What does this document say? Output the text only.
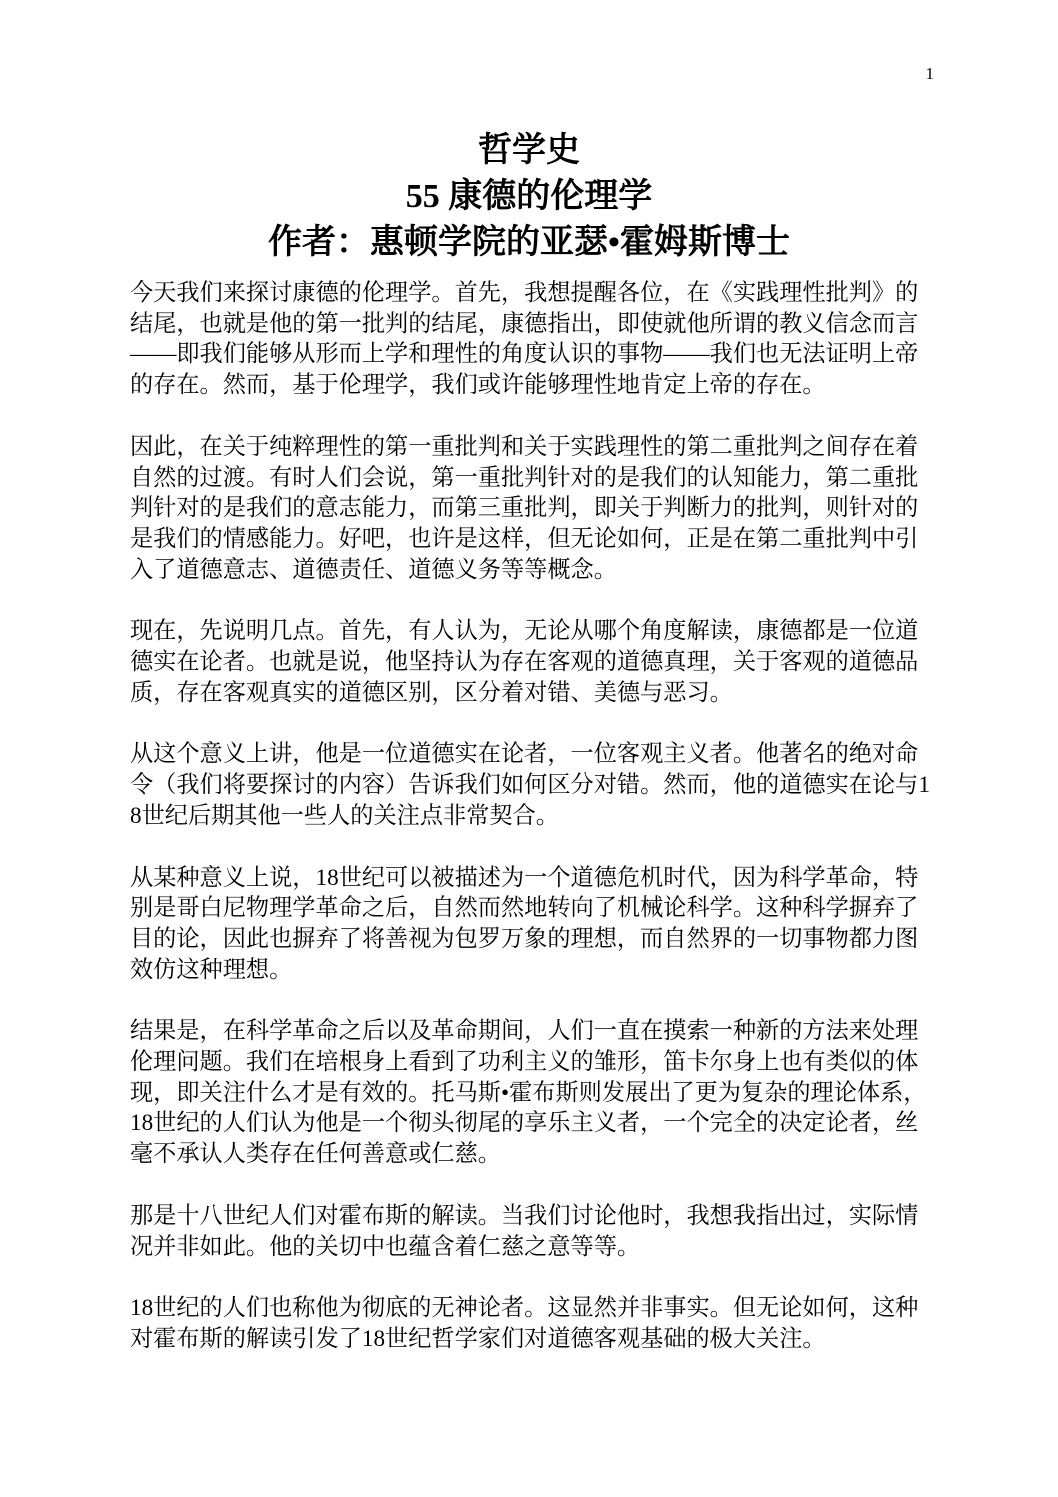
1
哲学史
55 康德的伦理学
作者：惠顿学院的亚瑟•霍姆斯博士

今天我们来探讨康德的伦理学。首先，我想提醒各位，在《实践理性批判》的结尾，也就是他的第一批判的结尾，康德指出，即使就他所谓的教义信念而言——即我们能够从形而上学和理性的角度认识的事物——我们也无法证明上帝的存在。然而，基于伦理学，我们或许能够理性地肯定上帝的存在。

因此，在关于纯粹理性的第一重批判和关于实践理性的第二重批判之间存在着自然的过渡。有时人们会说，第一重批判针对的是我们的认知能力，第二重批判针对的是我们的意志能力，而第三重批判，即关于判断力的批判，则针对的是我们的情感能力。好吧，也许是这样，但无论如何，正是在第二重批判中引入了道德意志、道德责任、道德义务等等概念。

现在，先说明几点。首先，有人认为，无论从哪个角度解读，康德都是一位道德实在论者。也就是说，他坚持认为存在客观的道德真理，关于客观的道德品质，存在客观真实的道德区别，区分着对错、美德与恶习。

从这个意义上讲，他是一位道德实在论者，一位客观主义者。他著名的绝对命令（我们将要探讨的内容）告诉我们如何区分对错。然而，他的道德实在论与18世纪后期其他一些人的关注点非常契合。

从某种意义上说，18世纪可以被描述为一个道德危机时代，因为科学革命，特别是哥白尼物理学革命之后，自然而然地转向了机械论科学。这种科学摒弃了目的论，因此也摒弃了将善视为包罗万象的理想，而自然界的一切事物都力图效仿这种理想。

结果是，在科学革命之后以及革命期间，人们一直在摸索一种新的方法来处理伦理问题。我们在培根身上看到了功利主义的雏形，笛卡尔身上也有类似的体现，即关注什么才是有效的。托马斯•霍布斯则发展出了更为复杂的理论体系，18世纪的人们认为他是一个彻头彻尾的享乐主义者，一个完全的决定论者，丝毫不承认人类存在任何善意或仁慈。

那是十八世纪人们对霍布斯的解读。当我们讨论他时，我想我指出过，实际情况并非如此。他的关切中也蕴含着仁慈之意等等。

18世纪的人们也称他为彻底的无神论者。这显然并非事实。但无论如何，这种对霍布斯的解读引发了18世纪哲学家们对道德客观基础的极大关注。
